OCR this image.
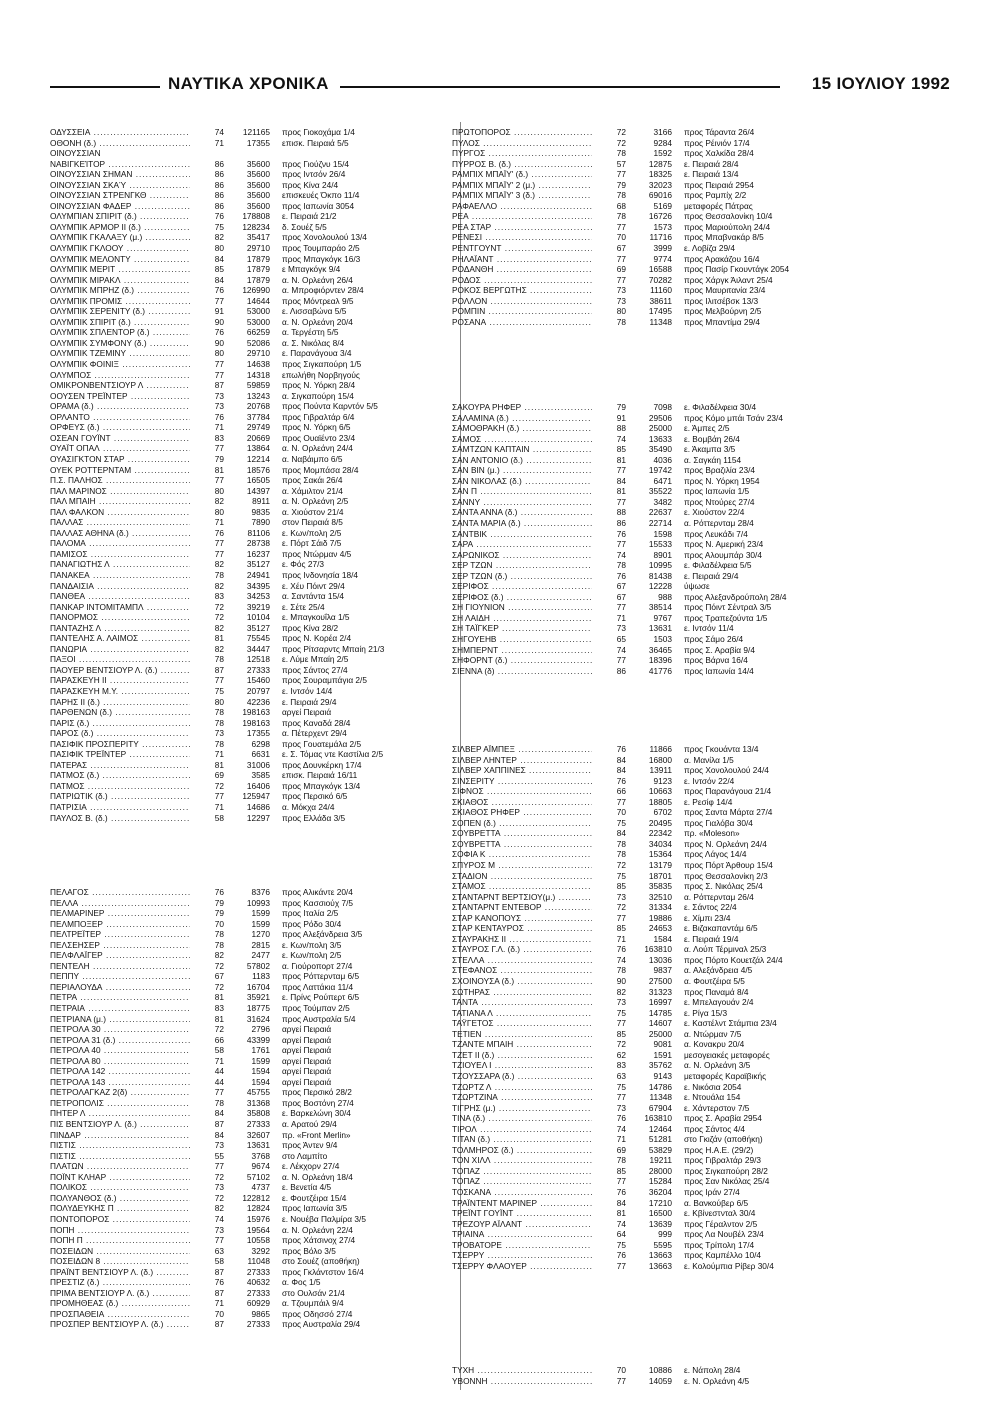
ΝΑΥΤΙΚΑ ΧΡΟΝΙΚΑ	15 ΙΟΥΛΙΟΥ 1992
ΟΔΥΣΣΕΙΑ .....	74	121165 προς Γιοκοχάμα 1/4
ΟΘΟΝΗ (δ.) .....	71	17355 επισκ. Πειραιά 5/5
ΟΙΝΟΥΣΣΙΑΝ
ΝΑΒΙΓΚΕΊΤΟΡ .....	86	35600 προς Γιούζνυ 15/4
ΟΙΝΟΥΣΣΙΑΝ ΣΗΜΑΝ .....	86	35600 προς Ιντσόν 26/4
ΟΙΝΟΥΣΣΙΑΝ ΣΚΑΎ .....	86	35600 προς Κίνα 24/4
ΟΙΝΟΥΣΣΙΑΝ ΣΤΡΕΝΓΚΘ .....	86	35600 επισκευές Όκπο 11/4
ΟΙΝΟΥΣΣΙΑΝ ΦΑΔΕΡ .....	86	35600 προς Ιαπωνία 3054
ΟΛΥΜΠΙΑΝ ΣΠΙΡΙΤ (δ.) .....	76	178808 ε. Πειραιά 21/2
ΟΛΥΜΠΙΚ ΑΡΜΟΡ II (δ.) .....	75	128234 δ. Σουέζ 5/5
ΟΛΥΜΠΙΚ ΓΚΑΛΑΞΥ (μ.) .....	82	35417 προς Χονολουλού 13/4
ΟΛΥΜΠΙΚ ΓΚΛΟΟΥ .....	80	29710 προς Τουμπαράο 2/5
ΟΛΥΜΠΙΚ ΜΕΛΟΝΤΥ .....	84	17879 προς Μπαγκόγκ 16/3
ΟΛΥΜΠΙΚ ΜΕΡΙΤ .....	85	17879 ε Μπαγκόγκ 9/4
ΟΛΥΜΠΙΚ ΜΙΡΑΚΛ .....	84	17879 α. Ν. Ορλεάνη 26/4
ΟΛΥΜΠΙΚ ΜΠΡΗΖ (δ.) .....	76	126990 α. Μπροφιόρντεν 28/4
ΟΛΥΜΠΙΚ ΠΡΟΜΙΣ .....	77	14644 προς Μόντρεαλ 9/5
ΟΛΥΜΠΙΚ ΣΕΡΕΝΙΤΥ (δ.) .....	91	53000 ε. Λισσαβώνα 5/5
ΟΛΥΜΠΙΚ ΣΠΙΡΙΤ (δ.) .....	90	53000 α. Ν. Ορλεάνη 20/4
ΟΛΥΜΠΙΚ ΣΠΛΕΝΤΟΡ (δ.) .....	76	66259 α. Τεργέστη 5/5
ΟΛΥΜΠΙΚ ΣΥΜΦΟΝΥ (δ.) .....	90	52086 α. Σ. Νικόλας 8/4
ΟΛΥΜΠΙΚ ΤΖΕΜΙΝΥ .....	80	29710 ε. Παρανάγουα 3/4
ΟΛΥΜΠΙΚ ΦΟΙΝΙΞ .....	77	14638 προς Σιγκαπούρη 1/5
ΟΛΥΜΠΟΣ .....	77	14318 επωλήθη Νορβηγούς
ΟΜΙΚΡΟΝΒΕΝΤΣΙΟΥΡ Λ .....	87	59859 προς Ν. Υόρκη 28/4
ΟΟΥΣΕΝ ΤΡΕΪΝΤΕΡ .....	73	13243 α. Σιγκαπούρη 15/4
ΟΡΑΜΑ (δ.) .....	73	20768 προς Πούντα Καρντόν 5/5
ΟΡΛΑΝΤΟ .....	76	37784 προς Γιβραλτάρ 6/4
ΟΡΦΕΥΣ (δ.) .....	71	29749 προς Ν. Υόρκη 6/5
ΟΣΕΑΝ ΓΟΥΪΝΤ .....	83	20669 προς Ουαϊέντο 23/4
ΟΥΑΪΤ ΟΠΑΛ .....	77	13864 α. Ν. Ορλεάνη 24/4
ΟΥΑΣΙΓΚΤΟΝ ΣΤΑΡ .....	79	12214 α. Ναβάιμπο 6/5
ΟΥΕΚ ΡΟΤΤΕΡΝΤΑΜ .....	81	18576 προς Μομπάσα 28/4
Π.Σ. ΠΑΛΗΟΣ .....	77	16505 προς Σακάι 26/4
ΠΑΛ ΜΑΡΙΝΟΣ .....	80	14397 α. Χάμιλτον 21/4
ΠΑΛ ΜΠΑΙΗ .....	82	8911 α. Ν. Ορλεάνη 2/5
ΠΑΛ ΦΑΛΚΟΝ .....	80	9835 α. Χιούστον 21/4
ΠΑΛΛΑΣ .....	71	7890 στον Πειραιά 8/5
ΠΑΛΛΑΣ ΑΘΗΝΑ (δ.) .....	76	81106 ε. Κων/πολη 2/5
ΠΑΛΟΜΑ .....	77	28738 ε. Πόρτ Σάιδ 7/5
ΠΑΜΙΣΟΣ .....	77	16237 προς Ντώρμαν 4/5
ΠΑΝΑΓΙΩΤΗΣ Λ .....	82	35127 ε. Φός 27/3
ΠΑΝΑΚΕΑ .....	78	24941 προς Ινδονησία 18/4
ΠΑΝΔΑΙΣΙΑ .....	82	34395 ε. Χέυ Πόιντ 29/4
ΠΑΝΘΕΑ .....	83	34253 α. Σαντάντα 15/4
ΠΑΝΚΑΡ ΙΝΤΟΜΙΤΑΜΠΛ .....	72	39219 ε. Σέτε 25/4
ΠΑΝΟΡΜΟΣ .....	72	10104 ε. Μπαγκουΐλα 1/5
ΠΑΝΤΑΖΗΣ Λ .....	82	35127 προς Κίνα 28/2
ΠΑΝΤΕΛΗΣ Α. ΛΑΙΜΟΣ .....	81	75545 προς Ν. Κορέα 2/4
ΠΑΝΩΡΙΑ .....	82	34447 προς Ρίτσαρντς Μπαίη 21/3
ΠΑΞΟΙ .....	78	12518 ε. Λύμε Μπαίη 2/5
ΠΑΟΥΕΡ ΒΕΝΤΣΙΟΥΡ Λ. (δ.) .....	87	27333 προς Σάντος 27/4
ΠΑΡΑΣΚΕΥΗ II .....	77	15460 προς Σουραμπάγια 2/5
ΠΑΡΑΣΚΕΥΗ Μ.Υ. .....	75	20797 ε. Ιντσόν 14/4
ΠΑΡΗΣ II (δ.) .....	80	42236 ε. Πειραιά 29/4
ΠΑΡΘΕΝΩΝ (δ.) .....	78	198163 αργεί Πειραιά
ΠΑΡΙΣ (δ.) .....	78	198163 προς Καναδά 28/4
ΠΑΡΟΣ (δ.) .....	73	17355 α. Πέτερχεντ 29/4
ΠΑΣΙΦΙΚ ΠΡΟΣΠΕΡΙΤΥ .....	78	6298 προς Γουατεμάλα 2/5
ΠΑΣΙΦΙΚ ΤΡΕΪΝΤΕΡ .....	71	6631 ε. Σ. Τόμας ντε Καστίλια 2/5
ΠΑΤΕΡΑΣ .....	81	31006 προς Δουνκέρκη 17/4
ΠΑΤΜΟΣ (δ.) .....	69	3585 επισκ. Πειραιά 16/11
ΠΑΤΜΟΣ .....	72	16406 προς Μπαγκόγκ 13/4
ΠΑΤΡΙΩΤΙΚ (δ.) .....	77	125947 προς Περσικό 6/5
ΠΑΤΡΙΣΙΑ .....	71	14686 α. Μόκχα 24/4
ΠΑΥΛΟΣ Β. (δ.) .....	58	12297 προς Ελλάδα 3/5
ΠΕΛΑΓΟΣ .....	76	8376 προς Αλικάντε 20/4
ΠΕΛΛΑ .....	79	10993 προς Κασσιούχ 7/5
ΠΕΛΜΑΡΙΝΕΡ .....	79	1599 προς Ιταλία 2/5
ΠΕΛΜΠΟΞΕΡ .....	70	1599 προς Ρόδο 30/4
ΠΕΛΤΡΕΪΤΕΡ .....	78	1270 προς Αλεξάνδρεια 3/5
ΠΕΛΣΕΗΣΕΡ .....	78	2815 ε. Κων/πολη 3/5
ΠΕΛΦΛΑΪΓΕΡ .....	82	2477 ε. Κων/πολη 2/5
ΠΕΝΤΕΛΗ .....	72	57802 α. Γιούροπορτ 27/4
ΠΕΠΠΥ .....	67	1183 προς Ρόττερνταμ 6/5
ΠΕΡΙΑΛΟΥΔΑ .....	72	16704 προς Λαττάκια 11/4
ΠΕΤΡΑ .....	81	35921 ε. Πρίνς Ρούπερτ 6/5
ΠΕΤΡΑΙΑ .....	83	18775 προς Τούμπαν 2/5
ΠΕΤΡΙΑΝΑ (μ.) .....	81	31624 προς Αυστραλία 5/4
ΠΕΤΡΟΛΑ 30 .....	72	2796 αργεί Πειραιά
ΠΕΤΡΟΛΑ 31 (δ.) .....	66	43399 αργεί Πειραιά
ΠΕΤΡΟΛΑ 40 .....	58	1761 αργεί Πειραιά
ΠΕΤΡΟΛΑ 80 .....	71	1599 αργεί Πειραιά
ΠΕΤΡΟΛΑ 142 .....	44	1594 αργεί Πειραιά
ΠΕΤΡΟΛΑ 143 .....	44	1594 αργεί Πειραιά
ΠΕΤΡΟΛΑΓΚΑΖ 2(δ) .....	77	45755 προς Περσικό 28/2
ΠΕΤΡΟΠΟΛΙΣ .....	78	31368 προς Βοστόνη 27/4
ΠΗΤΕΡ Λ .....	84	35808 ε. Βαρκελώνη 30/4
ΠΙΣ ΒΕΝΤΣΙΟΥΡ Λ. (δ.) .....	87	27333 α. Αρατού 29/4
ΠΙΝΔΑΡ .....	84	32607 πρ. «Front Merlin»
ΠΙΣΤΙΣ .....	73	13631 προς Άντεν 9/4
ΠΙΣΤΙΣ .....	55	3768 στο Λαμπίτο
ΠΛΑΤΩΝ .....	77	9674 ε. Λέκχορν 27/4
ΠΟΪΝΤ ΚΛΗΑΡ .....	72	57102 α. Ν. Ορλεάνη 18/4
ΠΟΛΙΚΟΣ .....	73	4737 ε. Βενετία 4/5
ΠΟΛΥΑΝΘΟΣ (δ.) .....	72	122812 ε. Φουτζέιρα 15/4
ΠΟΛΥΔΕΥΚΗΣ Π .....	82	12824 προς Ιαπωνία 3/5
ΠΟΝΤΟΠΟΡΟΣ .....	74	15976 ε. Νουέβα Παλμίρα 3/5
ΠΟΠΗ .....	73	19564 α. Ν. Ορλεάνη 22/4
ΠΟΠΗ Π .....	77	10558 προς Χάτσινοχ 27/4
ΠΟΣΕΙΔΩΝ .....	63	3292 προς Βόλο 3/5
ΠΟΣΕΙΔΩΝ 8 .....	58	11048 στο Σουέζ (αποθήκη)
ΠΡΑΪΝΤ ΒΕΝΤΣΙΟΥΡ Λ. (δ.) .....	87	27333 προς Γκλάντστον 16/4
ΠΡΕΣΤΙΖ (δ.) .....	76	40632 α. Φος 1/5
ΠΡΙΜΑ ΒΕΝΤΣΙΟΥΡ Λ. (δ.) .....	87	27333 στο Ουλσάν 21/4
ΠΡΟΜΗΘΕΑΣ (δ.) .....	71	60929 α. Τζουμπάιλ 9/4
ΠΡΟΣΠΑΘΕΙΑ .....	70	9865 προς Οδησσό 27/4
ΠΡΟΣΠΕΡ ΒΕΝΤΣΙΟΥΡ Λ. (δ.) .....	87	27333 προς Αυστραλία 29/4
ΠΡΩΤΟΠΟΡΟΣ .....	72	3166 προς Τάραντα 26/4
ΠΥΛΟΣ .....	72	9284 προς Ρέινιόν 17/4
ΠΥΡΓΟΣ .....	78	1592 προς Χαλκίδα 28/4
ΠΥΡΡΟΣ Β. (δ.) .....	57	12875 ε. Πειραιά 28/4
ΡΑΜΠΙΧ ΜΠΑΪΥ' (δ.) .....	77	18325 ε. Πειραιά 13/4
ΡΑΜΠΙΧ ΜΠΑΪΥ' 2 (μ.) .....	79	32023 προς Πειραιά 2954
ΡΑΜΠΙΧ ΜΠΑΪΥ' 3 (δ.) .....	78	69016 προς Ραμπίχ 2/2
ΡΑΦΑΕΛΛΟ .....	68	5169 μεταφορές Πάτρας
ΡΕΑ .....	78	16726 προς Θεσσαλονίκη 10/4
ΡΕΑ ΣΤΑΡ .....	77	1573 προς Μαριούπολη 24/4
ΡΕΝΕΣΙ .....	70	11716 προς Μπαβνακάρ 8/5
ΡΕΝΤΓΟΥΝΤ .....	67	3999 ε. Λοβίζα 29/4
ΡΗΛΑΪΑΝΤ .....	77	9774 προς Αρακάζου 16/4
ΡΟΔΑΝΘΗ .....	69	16588 προς Πασίρ Γκουντάγκ 2054
ΡΟΔΟΣ .....	77	70282 προς Χάργκ Άιλαντ 25/4
ΡΟΚΟΣ ΒΕΡΓΩΤΗΣ .....	73	11160 προς Μαυριτανία 23/4
ΡΟΛΛΟΝ .....	73	38611 προς Ιλιτσέβσκ 13/3
ΡΟΜΠΙΝ .....	80	17495 προς Μελβούρνη 2/5
ΡΟΣΑΝΑ .....	78	11348 προς Μπαντίμα 29/4
ΣΑΚΟΥΡΑ ΡΗΦΕΡ .....	79	7098 ε. Φιλαδέλφεια 30/4
ΣΑΛΑΜΙΝΑ (δ.) .....	91	29506 προς Κόμο μπάι Τσάν 23/4
ΣΑΜΟΘΡΑΚΗ (δ.) .....	88	25000 ε. Άμπες 2/5
ΣΑΜΟΣ .....	74	13633 ε. Βομβάη 26/4
ΣΑΜΤΖΩΝ ΚΑΠΤΑΙΝ .....	85	35490 ε. Άκαμπα 3/5
ΣΑΝ ΑΝΤΟΝΙΟ (δ.) .....	81	4036 α. Σαγκάη 1154
ΣΑΝ ΒΙΝ (μ.) .....	77	19742 προς Βραζιλία 23/4
ΣΑΝ ΝΙΚΟΛΑΣ (δ.) .....	84	6471 προς Ν. Υόρκη 1954
ΣΑΝ Π .....	81	35522 προς Ιαπωνία 1/5
ΣΑΝΝΥ .....	77	3482 προς Ντούρες 27/4
ΣΑΝΤΑ ΑΝΝΑ (δ.) .....	88	22637 ε. Χιούστον 22/4
ΣΑΝΤΑ ΜΑΡΙΑ (δ.) .....	86	22714 α. Ρόττερνταμ 28/4
ΣΑΝΤΒΙΚ .....	76	1598 προς Λευκάδι 7/4
ΣΑΡΑ .....	77	15533 προς Ν. Αμερική 23/4
ΣΑΡΩΝΙΚΟΣ .....	74	8901 προς Αλουμπάρ 30/4
ΣΕΡ ΤΖΩΝ .....	78	10995 ε. Φιλαδέλφεια 5/5
ΣΕΡ ΤΖΩΝ (δ.) .....	76	81438 ε. Πειραιά 29/4
ΣΕΡΙΦΟΣ .....	67	12228 ύψωσε
ΣΕΡΙΦΟΣ (δ.) .....	67	988 προς Αλεξανδρούπολη 28/4
ΣΗ ΓΙΟΥΝΙΟΝ .....	77	38514 προς Πόιντ Σέντραλ 3/5
ΣΗ ΛΑΙΔΗ .....	71	9767 προς Τραπεζούντα 1/5
ΣΗ ΤΑΪΓΚΕΡ .....	73	13631 ε. Ιντσόν 11/4
ΣΗΓΟΥΕΗΒ .....	65	1503 προς Σάμο 26/4
ΣΗΜΠΕΡΝΤ .....	74	36465 προς Σ. Αραβία 9/4
ΣΗΦΟΡΝΤ (δ.) .....	77	18396 προς Βάρνα 16/4
ΣΙΕΝΝΑ (δ) .....	86	41776 προς Ιαπωνία 14/4
ΣΙΛΒΕΡ ΑΪΜΠΕΞ .....	76	11866 προς Γκουάντα 13/4
ΣΙΛΒΕΡ ΛΗΝΤΕΡ .....	84	16800 α. Μανίλα 1/5
ΣΙΛΒΕΡ ΧΑΠΠΙΝΕΣ .....	84	13911 προς Χονολουλού 24/4
ΣΙΝΣΕΡΙΤΥ .....	76	9123 ε. Ιντσόν 22/4
ΣΙΦΝΟΣ .....	66	10663 προς Παρανάγουα 21/4
ΣΚΙΑΘΟΣ .....	77	18805 ε. Ρεσίφ 14/4
ΣΚΙΑΘΟΣ ΡΗΦΕΡ .....	70	6702 προς Σαντα Μάρτα 27/4
ΣΟΠΕΝ (δ.) .....	75	20495 προς Γιαλόβα 30/4
ΣΟΥΒΡΕΤΤΑ .....	84	22342 πρ. «Moleson»
ΣΟΥΒΡΕΤΤΑ .....	78	34034 προς Ν. Ορλεάνη 24/4
ΣΟΦΙΑ Κ .....	78	15364 προς Λάγος 14/4
ΣΠΥΡΟΣ Μ .....	72	13179 προς Πόρτ Άρθουρ 15/4
ΣΤΑΔΙΟΝ .....	75	18701 προς Θεσσαλονίκη 2/3
ΣΤΑΜΟΣ .....	85	35835 προς Σ. Νικόλας 25/4
ΣΤΑΝΤΑΡΝΤ ΒΕΡΤΣΙΟΥ(μ.) .....	73	32510 α. Ρόττερνταμ 26/4
ΣΤΑΝΤΑΡΝΤ ΕΝΤΕΒΟΡ .....	72	31334 ε. Σάντος 22/4
ΣΤΑΡ ΚΑΝΟΠΟΥΣ .....	77	19886 ε. Χίμπι 23/4
ΣΤΑΡ ΚΕΝΤΑΥΡΟΣ .....	85	24653 ε. Βιζακαπαντάμ 6/5
ΣΤΑΥΡΑΚΗΣ II .....	71	1584 ε. Πειραιά 19/4
ΣΤΑΥΡΟΣ Γ.Λ. (δ.) .....	76	163810 α. Λούπ Τέρμιναλ 25/3
ΣΤΕΛΛΑ .....	74	13036 προς Πόρτο Κουετζάλ 24/4
ΣΤΕΦΑΝΟΣ .....	78	9837 α. Αλεξάνδρεια 4/5
ΣΧΟΙΝΟΥΣΑ (δ.) .....	90	27500 α. Φουτζέιρα 5/5
ΣΩΤΗΡΑΣ .....	82	31323 προς Παναμά 8/4
ΤΑΝΤΑ .....	73	16997 ε. Μπελαγουάν 2/4
ΤΑΤΙΑΝΑ Λ .....	75	14785 ε. Ρίγα 15/3
ΤΑΫΓΕΤΟΣ .....	77	14607 ε. Καστέλντ Στάμπια 23/4
ΤΕΤΙΕΝ .....	85	25000 α. Ντώρμαν 7/5
ΤΖΑΝΤΕ ΜΠΑΙΗ .....	72	9081 α. Κονακρυ 20/4
ΤΖΕΤ II (δ.) .....	62	1591 μεσογειακές μεταφορές
ΤΖΙΟΥΕΛ Ι .....	83	35762 α. Ν. Ορλεάνη 3/5
ΤΖΟΥΣΣΑΡΑ (δ.) .....	63	9143 μεταφορές Καραϊβικής
ΤΖΩΡΤΖ Λ .....	75	14786 ε. Νικόσια 2054
ΤΖΩΡΤΖΙΝΑ .....	77	11348 ε. Ντουάλα 154
ΤΙΓΡΗΣ (μ.) .....	73	67904 ε. Χάντερστον 7/5
ΤΙΝΑ (δ.) .....	76	163810 προς Σ. Αραβία 2954
ΤΙΡΟΛ .....	74	12464 προς Σάντος 4/4
ΤΙΤΑΝ (δ.) .....	71	51281 στο Γκιζάν (αποθήκη)
ΤΟΛΜΗΡΟΣ (δ.) .....	69	53829 προς Η.Α.Ε. (29/2)
ΤΟΝ ΧΙΛΛ .....	78	19211 προς Γιβραλτάρ 29/3
ΤΟΠΑΖ .....	85	28000 προς Σιγκαπούρη 28/2
ΤΟΠΑΖ .....	77	15284 προς Σαν Νικόλας 25/4
ΤΟΣΚΑΝΑ .....	76	36204 προς Ιράν 27/4
ΤΡΑΪΝΤΕΝΤ ΜΑΡΙΝΕΡ .....	84	17210 α. Βανκούβερ 6/5
ΤΡΕΪΝΤ ΓΟΥΪΝΤ .....	81	16500 ε. Κβίνεστνταλ 30/4
ΤΡΕΖΟΥΡ ΑΪΛΑΝΤ .....	74	13639 προς Γέραλντον 2/5
ΤΡΙΑΙΝΑ .....	64	999 προς Λα Νουβέλ 23/4
ΤΡΟΒΑΤΟΡΕ .....	75	5595 προς Τρίπολη 17/4
ΤΣΕΡΡΥ .....	76	13663 προς Καμπέλλο 10/4
ΤΣΕΡΡΥ ΦΛΑΟΥΕΡ .....	77	13663 ε. Κολούμπια Ρίβερ 30/4
ΤΥΧΗ .....	70	10886 ε. Νάπολη 28/4
ΥΒΟΝΝΗ .....	77	14059 ε. Ν. Ορλεάνη 4/5
